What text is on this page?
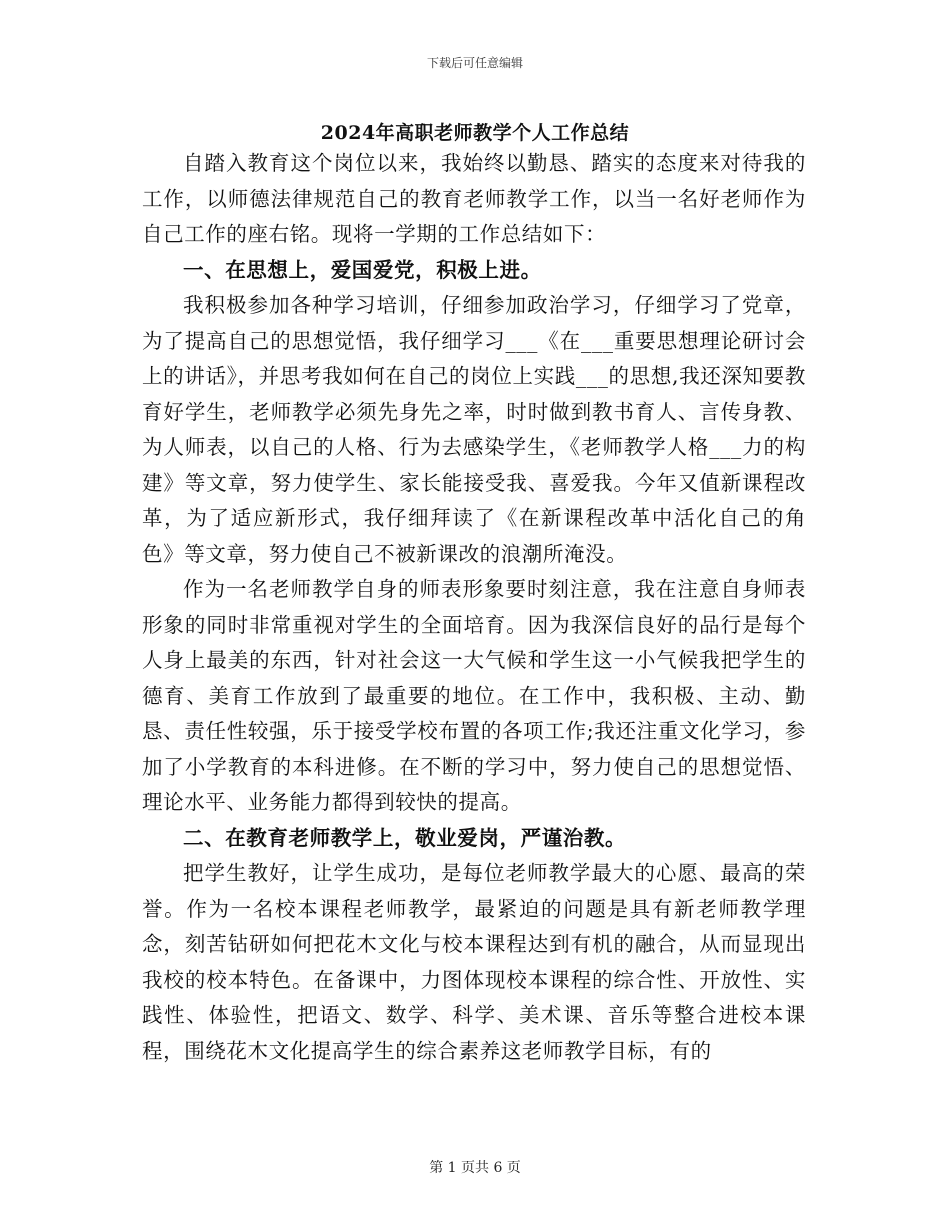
下载后可任意编辑
2024年高职老师教学个人工作总结

自踏入教育这个岗位以来，我始终以勤恳、踏实的态度来对待我的工作，以师德法律规范自己的教育老师教学工作，以当一名好老师作为自己工作的座右铭。现将一学期的工作总结如下：

一、在思想上，爱国爱党，积极上进。

我积极参加各种学习培训，仔细参加政治学习，仔细学习了党章，为了提高自己的思想觉悟，我仔细学习___《在___重要思想理论研讨会上的讲话》，并思考我如何在自己的岗位上实践___的思想,我还深知要教育好学生，老师教学必须先身先之率，时时做到教书育人、言传身教、为人师表，以自己的人格、行为去感染学生，《老师教学人格___力的构建》等文章，努力使学生、家长能接受我、喜爱我。今年又值新课程改革，为了适应新形式，我仔细拜读了《在新课程改革中活化自己的角色》等文章，努力使自己不被新课改的浪潮所淹没。

作为一名老师教学自身的师表形象要时刻注意，我在注意自身师表形象的同时非常重视对学生的全面培育。因为我深信良好的品行是每个人身上最美的东西，针对社会这一大气候和学生这一小气候我把学生的德育、美育工作放到了最重要的地位。在工作中，我积极、主动、勤恳、责任性较强，乐于接受学校布置的各项工作;我还注重文化学习，参加了小学教育的本科进修。在不断的学习中，努力使自己的思想觉悟、理论水平、业务能力都得到较快的提高。

二、在教育老师教学上，敬业爱岗，严谨治教。

把学生教好，让学生成功，是每位老师教学最大的心愿、最高的荣誉。作为一名校本课程老师教学，最紧迫的问题是具有新老师教学理念，刻苦钻研如何把花木文化与校本课程达到有机的融合，从而显现出我校的校本特色。在备课中，力图体现校本课程的综合性、开放性、实践性、体验性，把语文、数学、科学、美术课、音乐等整合进校本课程，围绕花木文化提高学生的综合素养这老师教学目标，有的

第 1 页共 6 页
